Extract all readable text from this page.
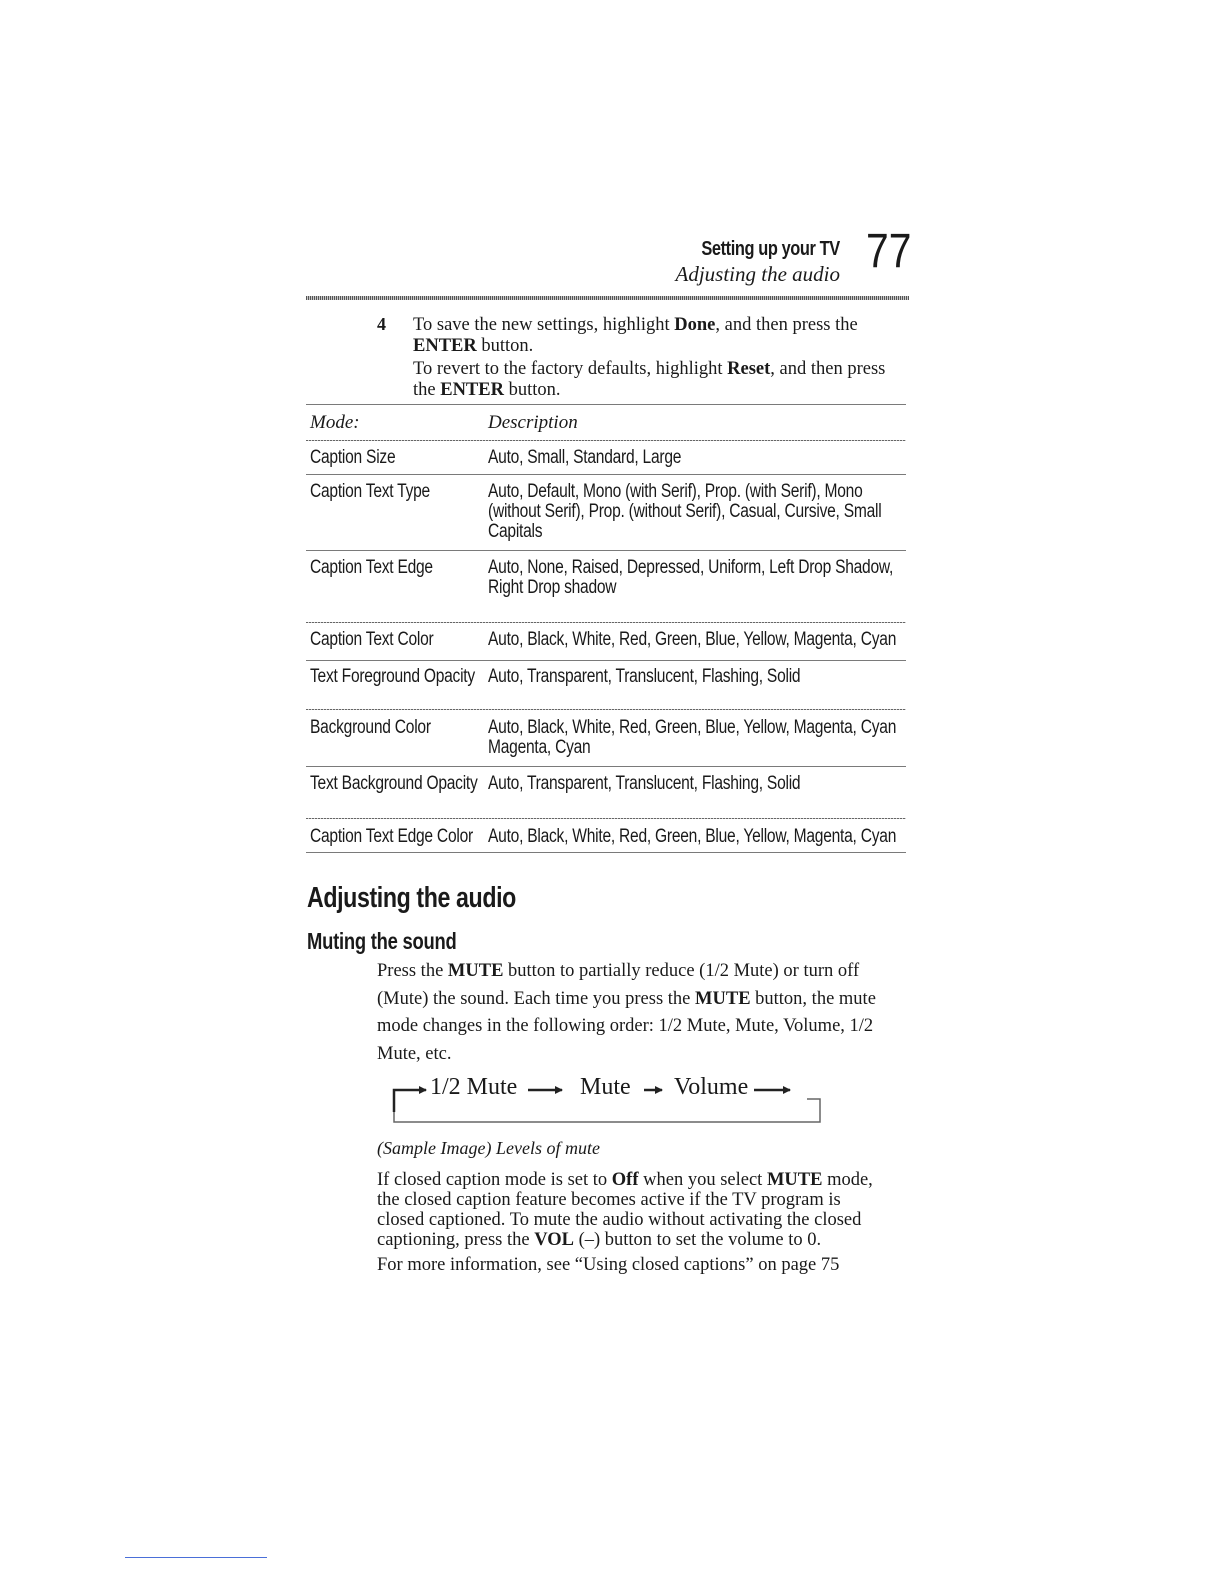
Setting up your TV
Adjusting the audio 77
4 To save the new settings, highlight Done, and then press the
ENTER button.
To revert to the factory defaults, highlight Reset, and then press
the ENTER button.
Mode:	Description
Caption Size	Auto, Small, Standard, Large
Caption Text Type	Auto, Default, Mono (with Serif), Prop. (with Serif), Mono
(without Serif), Prop. (without Serif), Casual, Cursive, Small
Capitals
Caption Text Edge	Auto, None, Raised, Depressed, Uniform, Left Drop Shadow,
Right Drop shadow
Caption Text Color	Auto, Black, White, Red, Green, Blue, Yellow, Magenta, Cyan
Text Foreground Opacity Auto, Transparent, Translucent, Flashing, Solid
Background Color	Auto, Black, White, Red, Green, Blue, Yellow, Magenta, Cyan
Magenta, Cyan
Text Background Opacity Auto, Transparent, Translucent, Flashing, Solid
Caption Text Edge Color Auto, Black, White, Red, Green, Blue, Yellow, Magenta, Cyan
Adjusting the audio
Muting the sound
Press the MUTE button to partially reduce (1/2 Mute) or turn off
(Mute) the sound. Each time you press the MUTE button, the mute
mode changes in the following order: 1/2 Mute, Mute, Volume, 1/2
Mute, etc.
1/2 Mute	Mute Volume
(Sample Image) Levels of mute
If closed caption mode is set to Off when you select MUTE mode,
the closed caption feature becomes active if the TV program is
closed captioned. To mute the audio without activating the closed
captioning, press the VOL (–) button to set the volume to 0.
For more information, see “Using closed captions” on page 75
